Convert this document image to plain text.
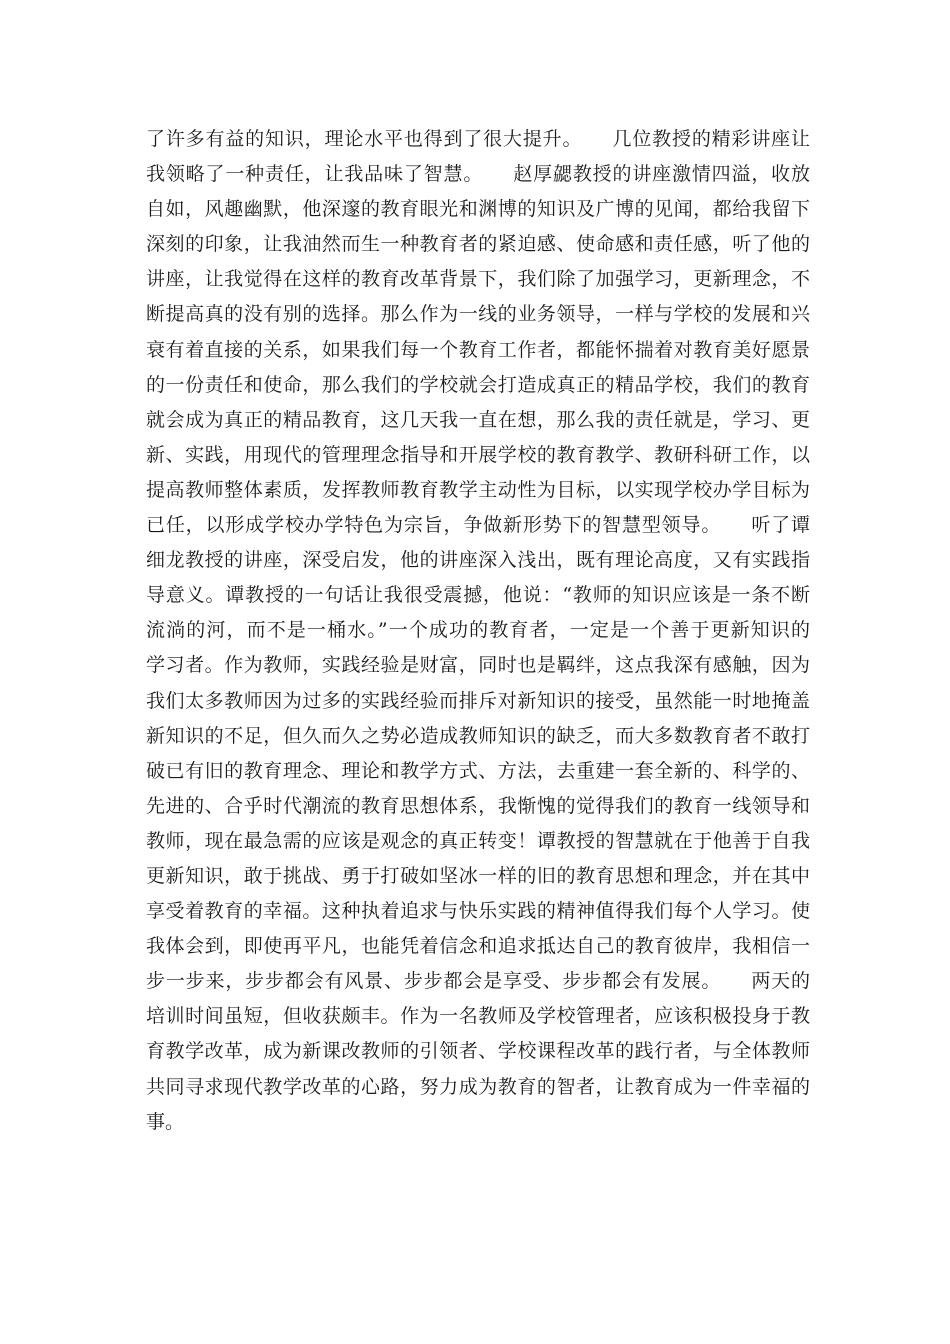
了许多有益的知识，理论水平也得到了很大提升。　　几位教授的精彩讲座让
我领略了一种责任，让我品味了智慧。　　赵厚勰教授的讲座激情四溢，收放
自如，风趣幽默，他深邃的教育眼光和渊博的知识及广博的见闻，都给我留下
深刻的印象，让我油然而生一种教育者的紧迫感、使命感和责任感，听了他的
讲座，让我觉得在这样的教育改革背景下，我们除了加强学习，更新理念，不
断提高真的没有别的选择。那么作为一线的业务领导，一样与学校的发展和兴
衰有着直接的关系，如果我们每一个教育工作者，都能怀揣着对教育美好愿景
的一份责任和使命，那么我们的学校就会打造成真正的精品学校，我们的教育
就会成为真正的精品教育，这几天我一直在想，那么我的责任就是，学习、更
新、实践，用现代的管理理念指导和开展学校的教育教学、教研科研工作，以
提高教师整体素质，发挥教师教育教学主动性为目标，以实现学校办学目标为
已任，以形成学校办学特色为宗旨，争做新形势下的智慧型领导。　　听了谭
细龙教授的讲座，深受启发，他的讲座深入浅出，既有理论高度，又有实践指
导意义。谭教授的一句话让我很受震撼，他说：“教师的知识应该是一条不断
流淌的河，而不是一桶水。”一个成功的教育者，一定是一个善于更新知识的
学习者。作为教师，实践经验是财富，同时也是羁绊，这点我深有感触，因为
我们太多教师因为过多的实践经验而排斥对新知识的接受，虽然能一时地掩盖
新知识的不足，但久而久之势必造成教师知识的缺乏，而大多数教育者不敢打
破已有旧的教育理念、理论和教学方式、方法，去重建一套全新的、科学的、
先进的、合乎时代潮流的教育思想体系，我惭愧的觉得我们的教育一线领导和
教师，现在最急需的应该是观念的真正转变！谭教授的智慧就在于他善于自我
更新知识，敢于挑战、勇于打破如坚冰一样的旧的教育思想和理念，并在其中
享受着教育的幸福。这种执着追求与快乐实践的精神值得我们每个人学习。使
我体会到，即使再平凡，也能凭着信念和追求抵达自己的教育彼岸，我相信一
步一步来，步步都会有风景、步步都会是享受、步步都会有发展。　　两天的
培训时间虽短，但收获颇丰。作为一名教师及学校管理者，应该积极投身于教
育教学改革，成为新课改教师的引领者、学校课程改革的践行者，与全体教师
共同寻求现代教学改革的心路，努力成为教育的智者，让教育成为一件幸福的
事。
